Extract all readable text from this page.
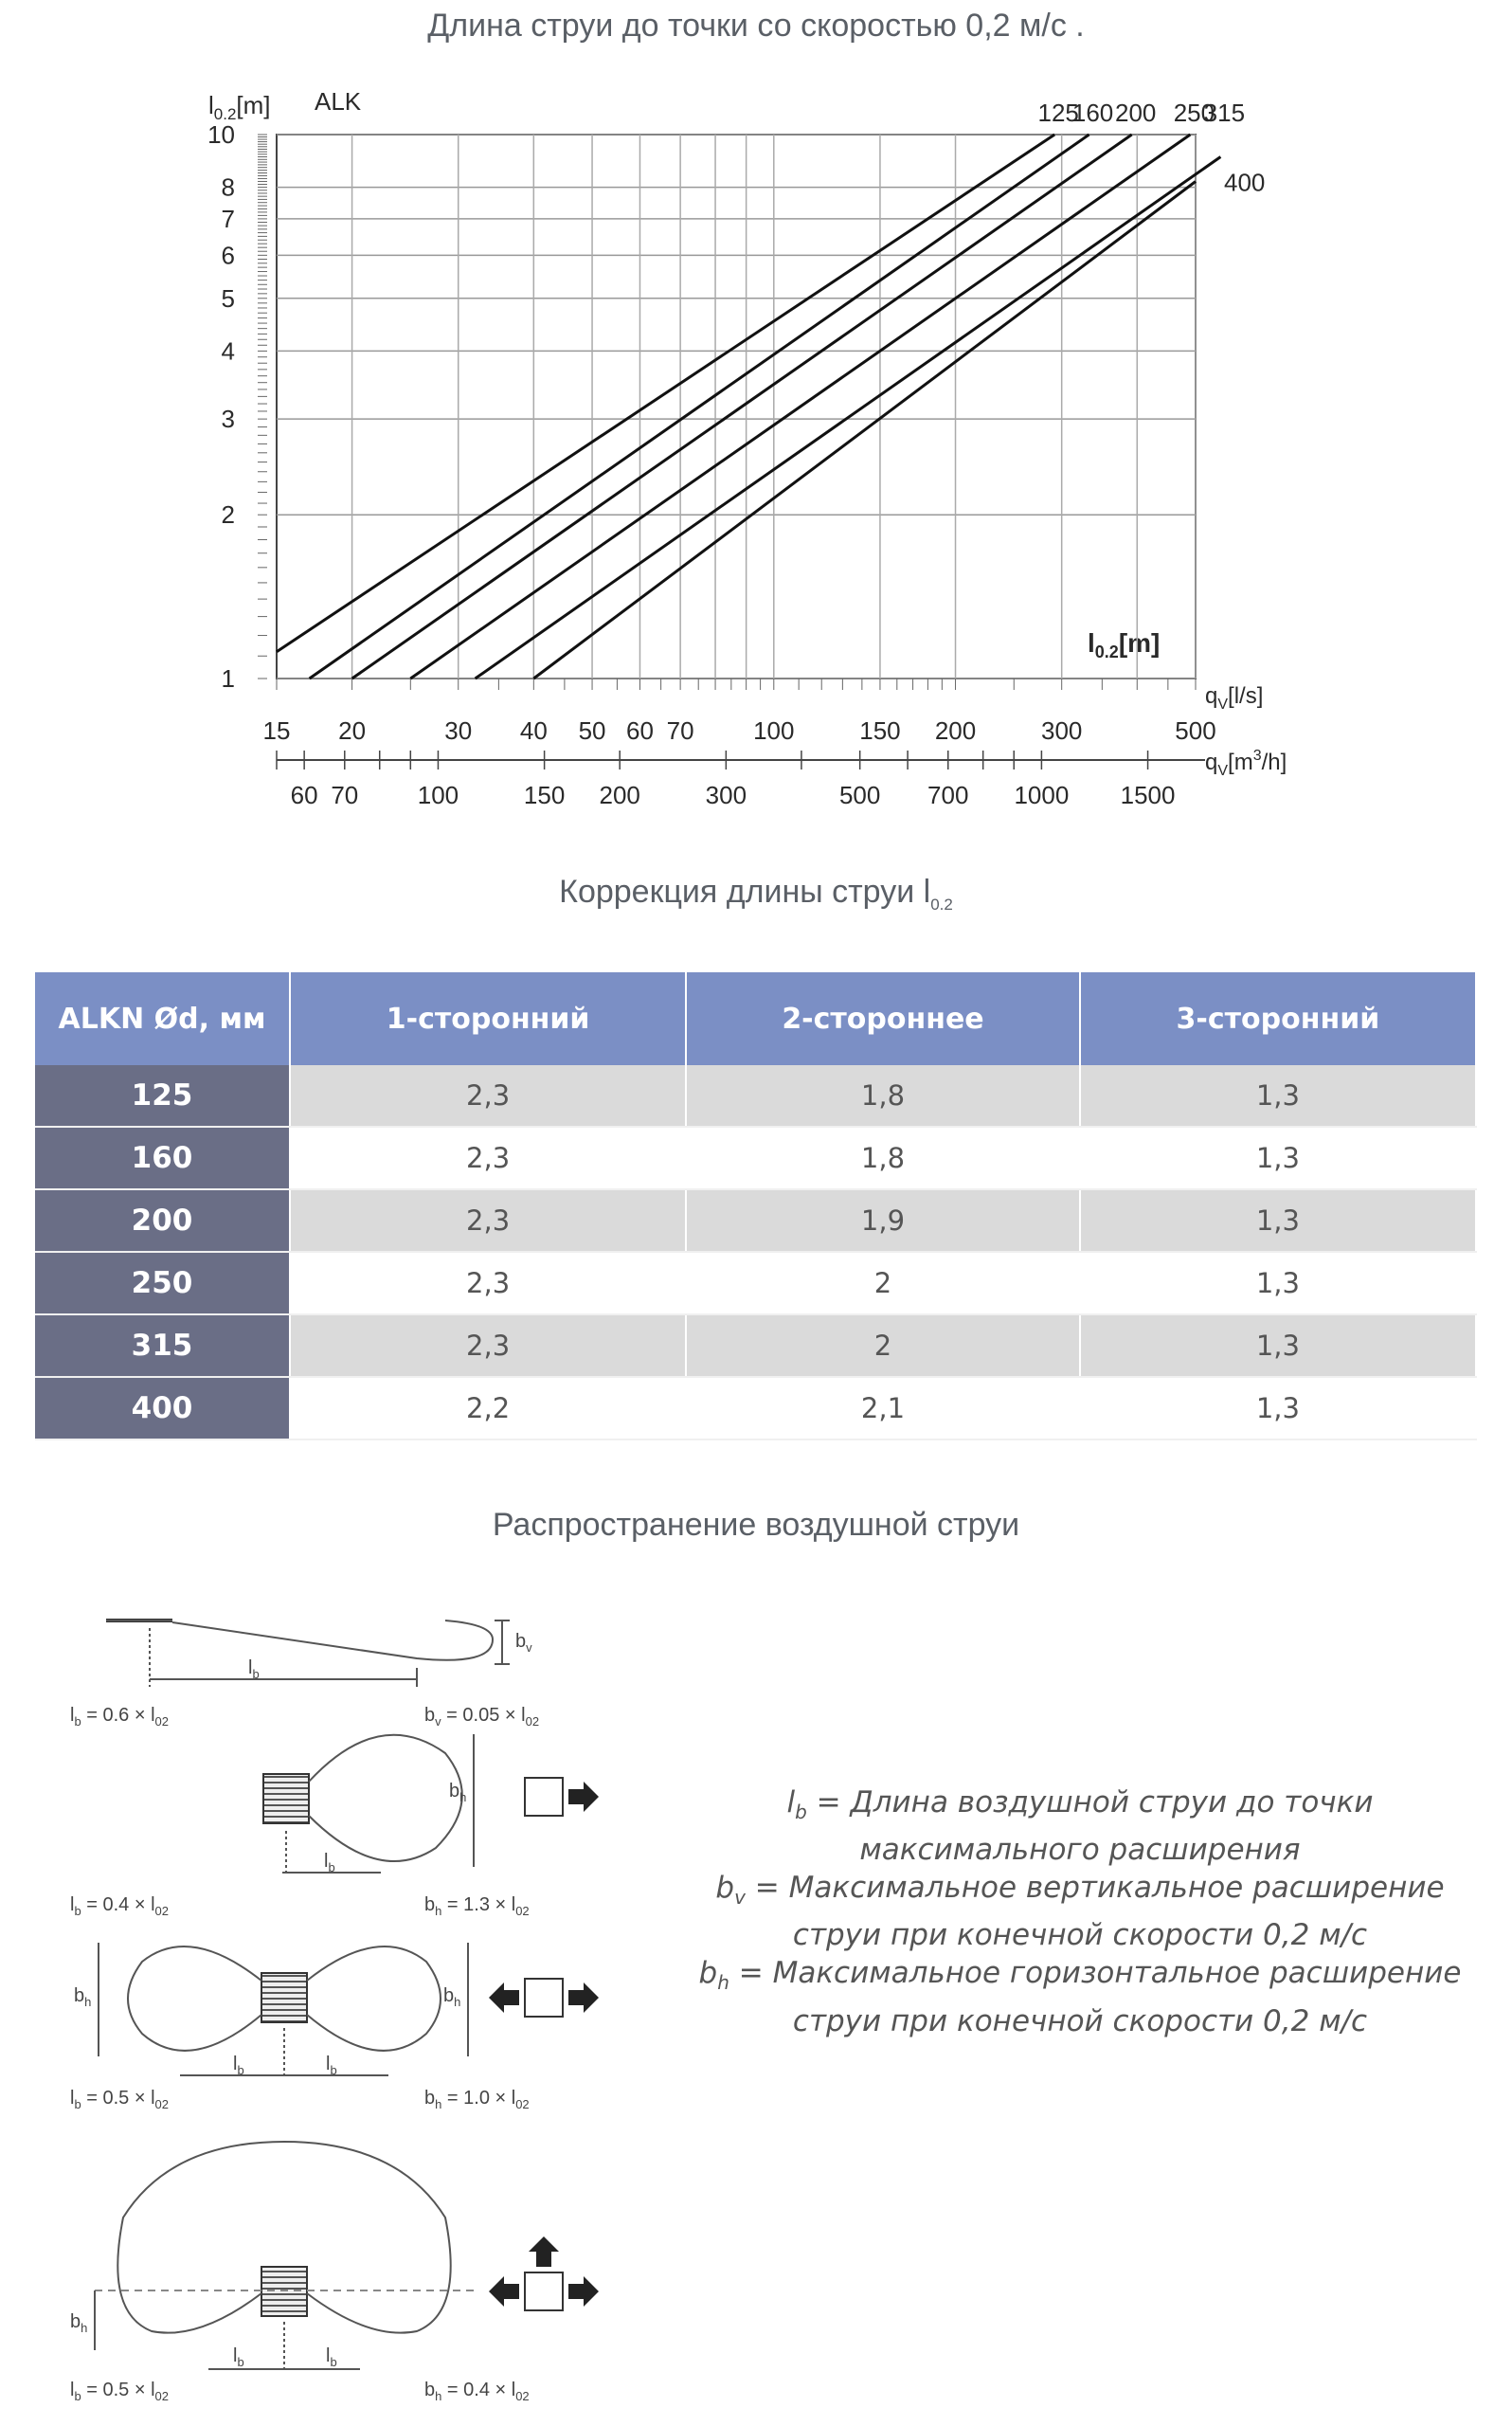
Длина струи до точки со скоростью 0,2 м/с .
$l_{0.2}[m]$ ALK
$l_{0.2}[m]$
$q_V[l/s]$
$q_V[m^3/h]$
1
2
3
4
5
6
7
8
10
15 20	30 40 50 60 70 100	150 200	300	500
60 70 100	150 200	300	500 700 1000 1500
125
160 200 250
315
400
Коррекция длины струи $l_{0.2}$
ALKN Ød, мм	1-сторонний	2-стороннее	3-сторонний
125	2,3	1,8	1,3
160	2,3	1,8	1,3
200	2,3	1,9	1,3
250	2,3	2	1,3
315	2,3	2	1,3
400	2,2	2,1	1,3
Распространение воздушной струи
$l_b$
$b_v$
$l_b = 0.6 \times l_{02}$	$b_v = 0.05 \times l_{02}$
$l_b$
$b_h$
$l_b = 0.4 \times l_{02}$	$b_h = 1.3 \times l_{02}$
$l_b$	$l_b$
$b_h$	$b_h$
$l_b = 0.5 \times l_{02}$	$b_h = 1.0 \times l_{02}$
$l_b$	$l_b$
$b_h$
$l_b = 0.5 \times l_{02}$	$b_h = 0.4 \times l_{02}$
$l_b$ = Длина воздушной струи до точки
максимального расширения
$b_v$ = Максимальное вертикальное расширение
струи при конечной скорости 0,2 м/с
$b_h$ = Максимальное горизонтальное расширение
струи при конечной скорости 0,2 м/с
